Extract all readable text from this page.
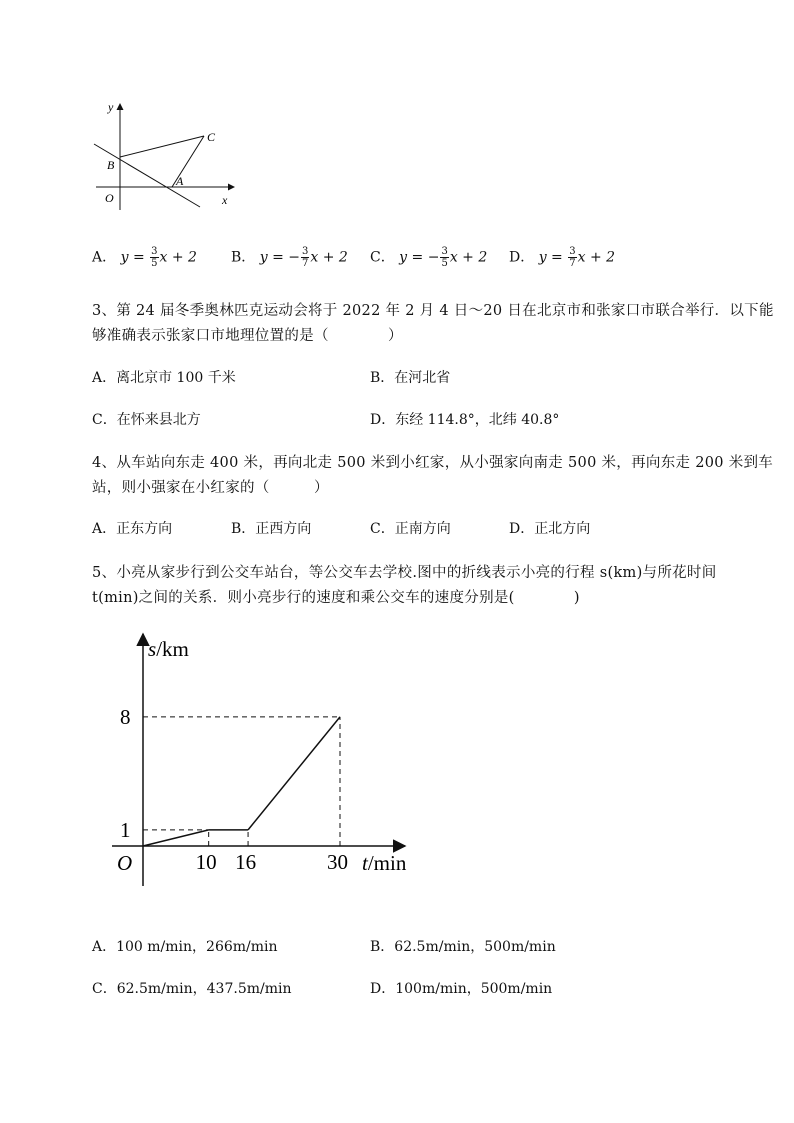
y
x
O
B
A
C
A． $y = \frac{3}{5}$ x + 2 B． y = − $\frac{3}{7}$ x + 2 C． y = − $\frac{3}{5}$ x + 2 D． $y = \frac{3}{7}$ x + 2
3、第 24 届冬季奥林匹克运动会将于 2022 年 2 月 4 日～20 日在北京市和张家口市联合举行．以下能
够准确表示张家口市地理位置的是（　　　　）
A．离北京市 100 千米	B．在河北省
C．在怀来县北方	D．东经 114.8°，北纬 40.8°
4、从车站向东走 400 米，再向北走 500 米到小红家，从小强家向南走 500 米，再向东走 200 米到车
站，则小强家在小红家的（　　　）
A．正东方向	B．正西方向	C．正南方向	D．正北方向
5、小亮从家步行到公交车站台，等公交车去学校.图中的折线表示小亮的行程 s(km)与所花时间
t(min)之间的关系．则小亮步行的速度和乘公交车的速度分别是(　　　　)
10 16	30
1
8
O
s/km
t/min
A．100 m/min，266m/min	B．62.5m/min，500m/min
C．62.5m/min，437.5m/min	D．100m/min，500m/min
